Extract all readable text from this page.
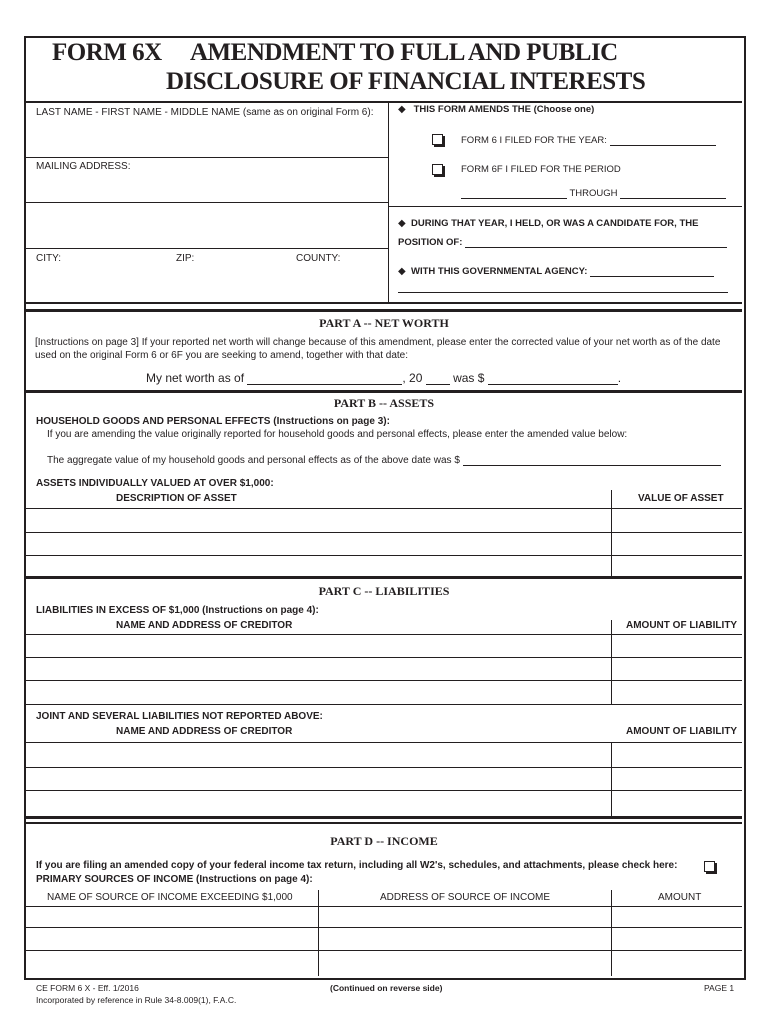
FORM 6X AMENDMENT TO FULL AND PUBLIC
DISCLOSURE OF FINANCIAL INTERESTS
LAST NAME - FIRST NAME - MIDDLE NAME (same as on original Form 6):
MAILING ADDRESS:
CITY:	ZIP:	COUNTY:
◆ THIS FORM AMENDS THE (Choose one)
FORM 6 I FILED FOR THE YEAR:
FORM 6F I FILED FOR THE PERIOD
THROUGH
◆ DURING THAT YEAR, I HELD, OR WAS A CANDIDATE FOR, THE
POSITION OF:
◆ WITH THIS GOVERNMENTAL AGENCY:
PART A -- NET WORTH
[Instructions on page 3] If your reported net worth will change because of this amendment, please enter the corrected value of your net worth as of the date
used on the original Form 6 or 6F you are seeking to amend, together with that date:
My net worth as of	, 20	was $	.
PART B -- ASSETS
HOUSEHOLD GOODS AND PERSONAL EFFECTS (Instructions on page 3):
If you are amending the value originally reported for household goods and personal effects, please enter the amended value below:
The aggregate value of my household goods and personal effects as of the above date was $
ASSETS INDIVIDUALLY VALUED AT OVER $1,000:
DESCRIPTION OF ASSET	VALUE OF ASSET
PART C -- LIABILITIES
LIABILITIES IN EXCESS OF $1,000 (Instructions on page 4):
NAME AND ADDRESS OF CREDITOR	AMOUNT OF LIABILITY
JOINT AND SEVERAL LIABILITIES NOT REPORTED ABOVE:
NAME AND ADDRESS OF CREDITOR	AMOUNT OF LIABILITY
PART D -- INCOME
If you are filing an amended copy of your federal income tax return, including all W2's, schedules, and attachments, please check here:
PRIMARY SOURCES OF INCOME (Instructions on page 4):
NAME OF SOURCE OF INCOME EXCEEDING $1,000	ADDRESS OF SOURCE OF INCOME	AMOUNT
CE FORM 6 X - Eff. 1/2016
Incorporated by reference in Rule 34-8.009(1), F.A.C.
(Continued on reverse side)	PAGE 1
